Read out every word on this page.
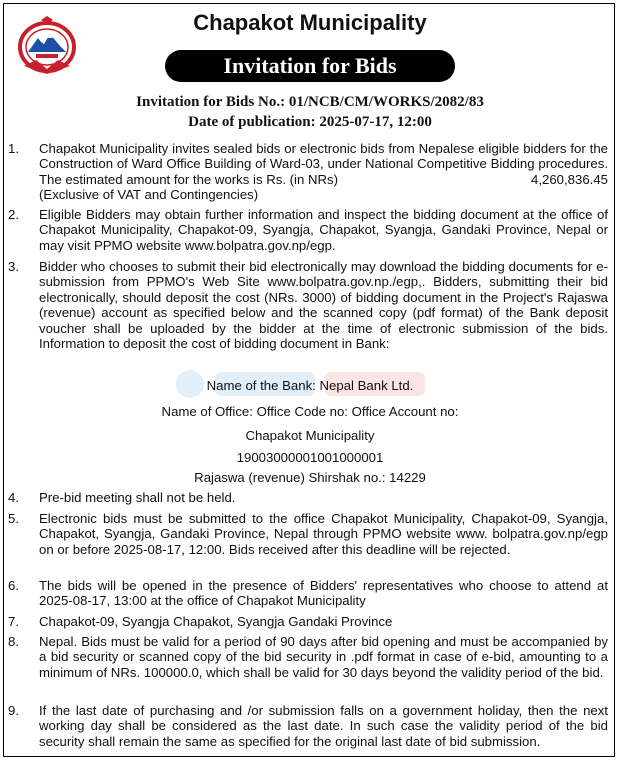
Chapakot Municipality
Invitation for Bids
Invitation for Bids No.: 01/NCB/CM/WORKS/2082/83
Date of publication: 2025-07-17, 12:00
1.	Chapakot Municipality invites sealed bids or electronic bids from Nepalese eligible bidders for the Construction of Ward Office Building of Ward-03, under National Competitive Bidding procedures. The estimated amount for the works is Rs. (in NRs)	4,260,836.45

(Exclusive of VAT and Contingencies)
2.	Eligible Bidders may obtain further information and inspect the bidding document at the office of Chapakot Municipality, Chapakot-09, Syangja, Chapakot, Syangja, Gandaki Province, Nepal or may visit PPMO website www.bolpatra.gov.np/egp.
3.	Bidder who chooses to submit their bid electronically may download the bidding documents for e-submission from PPMO's Web Site www.bolpatra.gov.np./egp,. Bidders, submitting their bid electronically, should deposit the cost (NRs. 3000) of bidding document in the Project's Rajaswa (revenue) account as specified below and the scanned copy (pdf format) of the Bank deposit voucher shall be uploaded by the bidder at the time of electronic submission of the bids. Information to deposit the cost of bidding document in Bank:
Name of the Bank: Nepal Bank Ltd.
Name of Office: Office Code no: Office Account no:
Chapakot Municipality
19003000001001000001
Rajaswa (revenue) Shirshak no.: 14229
4.	Pre-bid meeting shall not be held.
5.	Electronic bids must be submitted to the office Chapakot Municipality, Chapakot-09, Syangja, Chapakot, Syangja, Gandaki Province, Nepal through PPMO website www. bolpatra.gov.np/egp on or before 2025-08-17, 12:00. Bids received after this deadline will be rejected.
6.	The bids will be opened in the presence of Bidders' representatives who choose to attend at 2025-08-17, 13:00 at the office of Chapakot Municipality
7.	Chapakot-09, Syangja Chapakot, Syangja Gandaki Province
8.	Nepal. Bids must be valid for a period of 90 days after bid opening and must be accompanied by a bid security or scanned copy of the bid security in .pdf format in case of e-bid, amounting to a minimum of NRs. 100000.0, which shall be valid for 30 days beyond the validity period of the bid.
9.	If the last date of purchasing and /or submission falls on a government holiday, then the next working day shall be considered as the last date. In such case the validity period of the bid security shall remain the same as specified for the original last date of bid submission.
